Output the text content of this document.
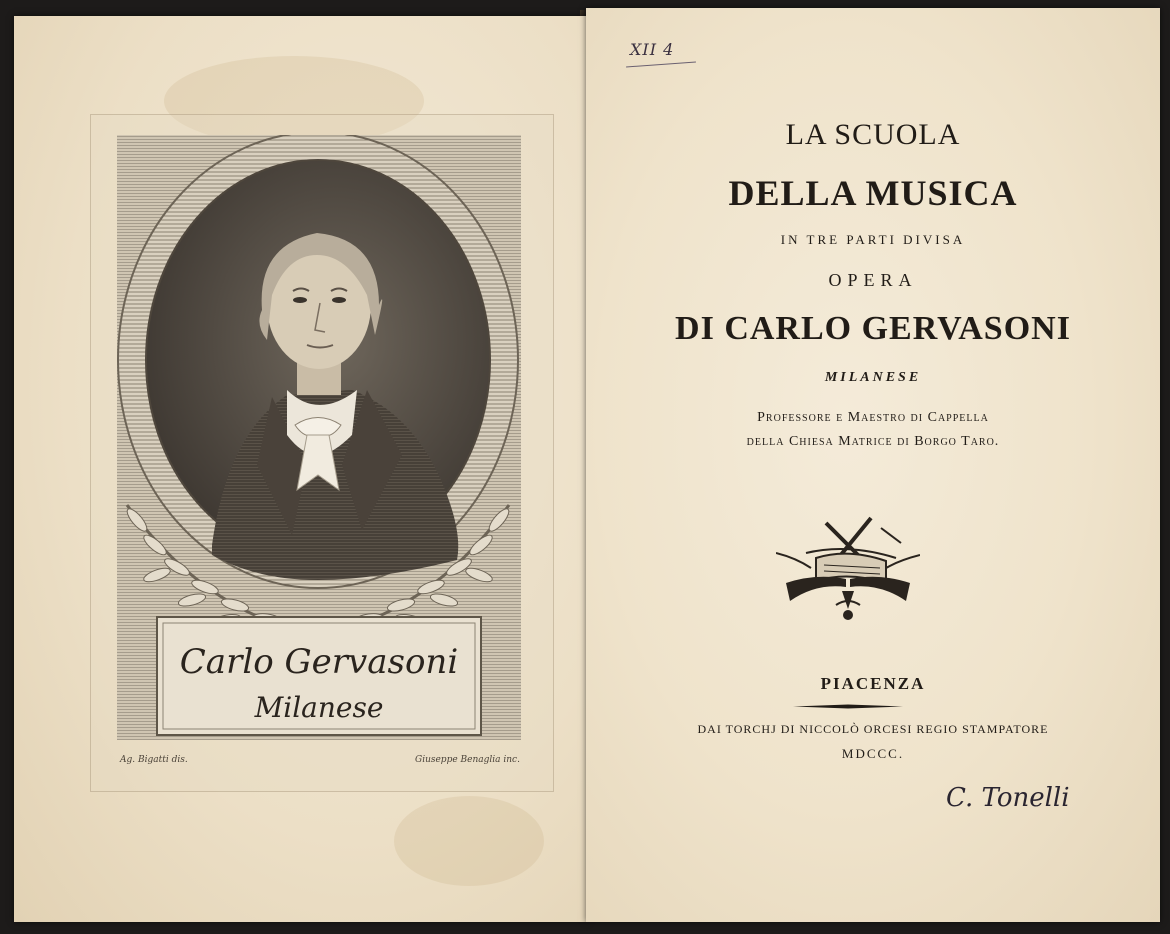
Carlo Gervasoni
Milanese
Ag. Bigatti dis.	Giuseppe Benaglia inc.
XII 4

LA SCUOLA

DELLA MUSICA

IN TRE PARTI DIVISA

OPERA

DI CARLO GERVASONI

MILANESE

Professore e Maestro di Cappella

della Chiesa Matrice di Borgo Taro.

PIACENZA

DAI TORCHJ DI NICCOLÒ ORCESI REGIO STAMPATORE

MDCCC.

C. Tonelli
